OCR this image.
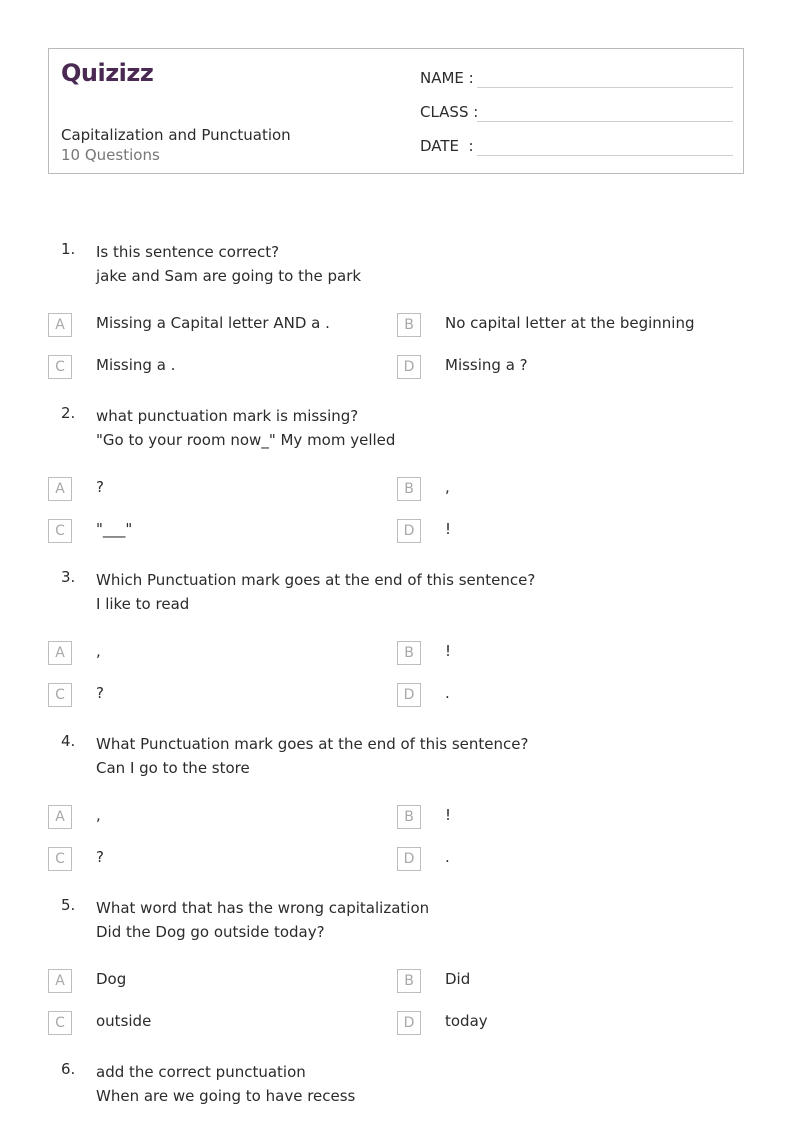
Quizizz
Capitalization and Punctuation
10 Questions
NAME :
CLASS :
DATE  :
1. Is this sentence correct?
jake and Sam are going to the park
A	Missing a Capital letter AND a .	B	No capital letter at the beginning
C	Missing a .	D	Missing a ?
2. what punctuation mark is missing?
"Go to your room now_" My mom yelled
A	?	B	,
C	"___"	D	!
3. Which Punctuation mark goes at the end of this sentence?
I like to read
A	,	B	!
C	?	D	.
4. What Punctuation mark goes at the end of this sentence?
Can I go to the store
A	,	B	!
C	?	D	.
5. What word that has the wrong capitalization
Did the Dog go outside today?
A	Dog	B	Did
C	outside	D	today
6. add the correct punctuation
When are we going to have recess
